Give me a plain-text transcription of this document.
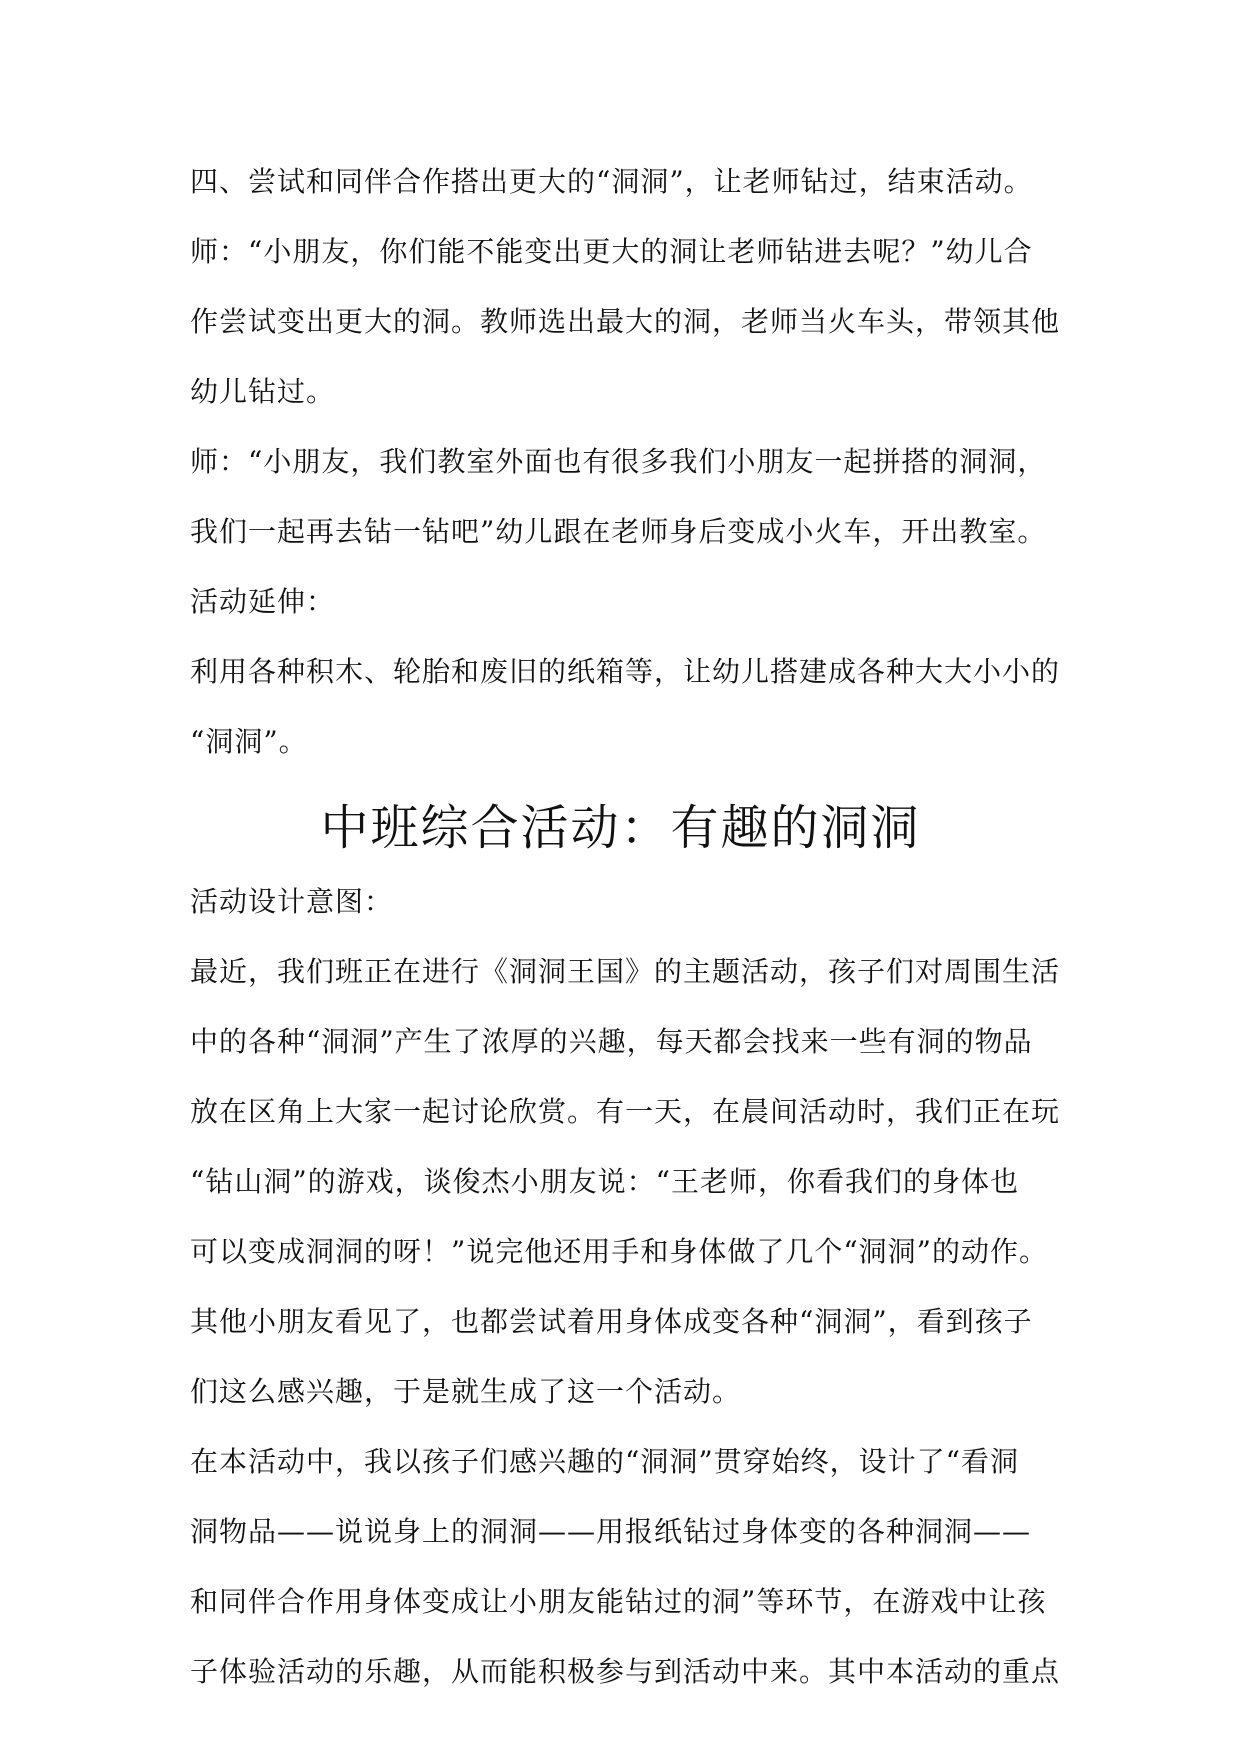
四、尝试和同伴合作搭出更大的“洞洞”，让老师钻过，结束活动。
师：“小朋友，你们能不能变出更大的洞让老师钻进去呢？”幼儿合
作尝试变出更大的洞。教师选出最大的洞，老师当火车头，带领其他
幼儿钻过。
师：“小朋友，我们教室外面也有很多我们小朋友一起拼搭的洞洞，
我们一起再去钻一钻吧”幼儿跟在老师身后变成小火车，开出教室。
活动延伸：
利用各种积木、轮胎和废旧的纸箱等，让幼儿搭建成各种大大小小的
“洞洞”。
中班综合活动：有趣的洞洞
活动设计意图：
最近，我们班正在进行《洞洞王国》的主题活动，孩子们对周围生活
中的各种“洞洞”产生了浓厚的兴趣，每天都会找来一些有洞的物品
放在区角上大家一起讨论欣赏。有一天，在晨间活动时，我们正在玩
“钻山洞”的游戏，谈俊杰小朋友说：“王老师，你看我们的身体也
可以变成洞洞的呀！”说完他还用手和身体做了几个“洞洞”的动作。
其他小朋友看见了，也都尝试着用身体成变各种“洞洞”，看到孩子
们这么感兴趣，于是就生成了这一个活动。
在本活动中，我以孩子们感兴趣的“洞洞”贯穿始终，设计了“看洞
洞物品——说说身上的洞洞——用报纸钻过身体变的各种洞洞——
和同伴合作用身体变成让小朋友能钻过的洞”等环节，在游戏中让孩
子体验活动的乐趣，从而能积极参与到活动中来。其中本活动的重点
